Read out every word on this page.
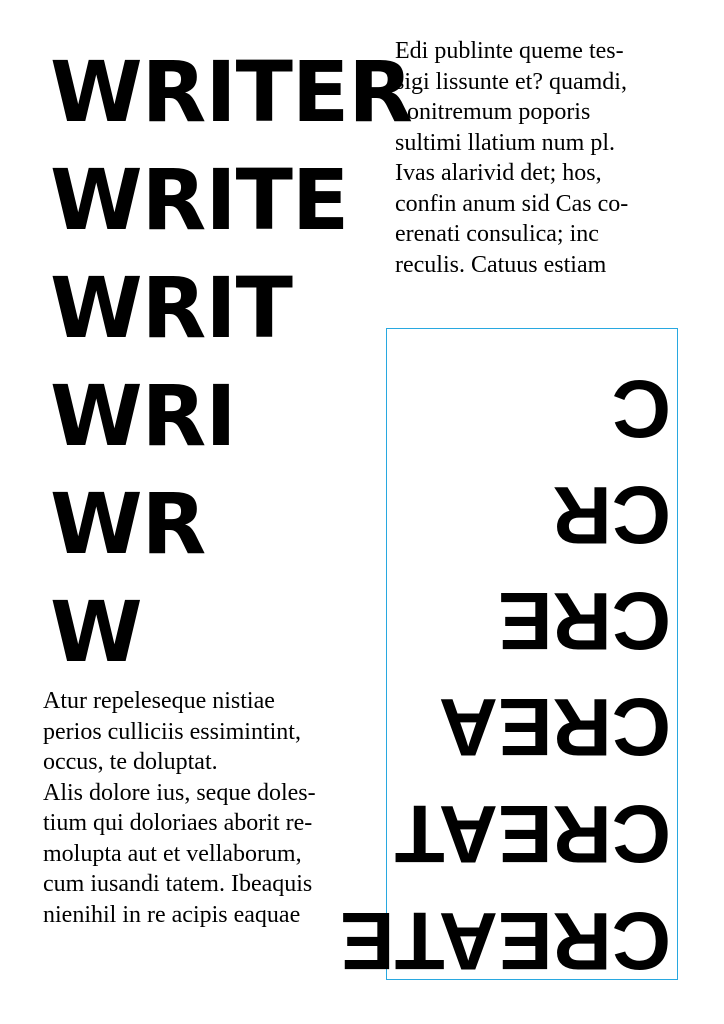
WRITER
WRITE
WRIT
WRI
WR
W

Edi publinte queme tes-
sigi lissunte et? quamdi,
nonitremum poporis
sultimi llatium num pl.
Ivas alarivid det; hos,
confin anum sid Cas co-
erenati consulica; inc
reculis. Catuus estiam

Atur repeleseque nistiae
perios culliciis essimintint,
occus, te doluptat.
Alis dolore ius, seque doles-
tium qui doloriaes aborit re-
molupta aut et vellaborum,
cum iusandi tatem. Ibeaquis
nienihil in re acipis eaquae CREATE
CREAT
CREA
CRE
CR
C
